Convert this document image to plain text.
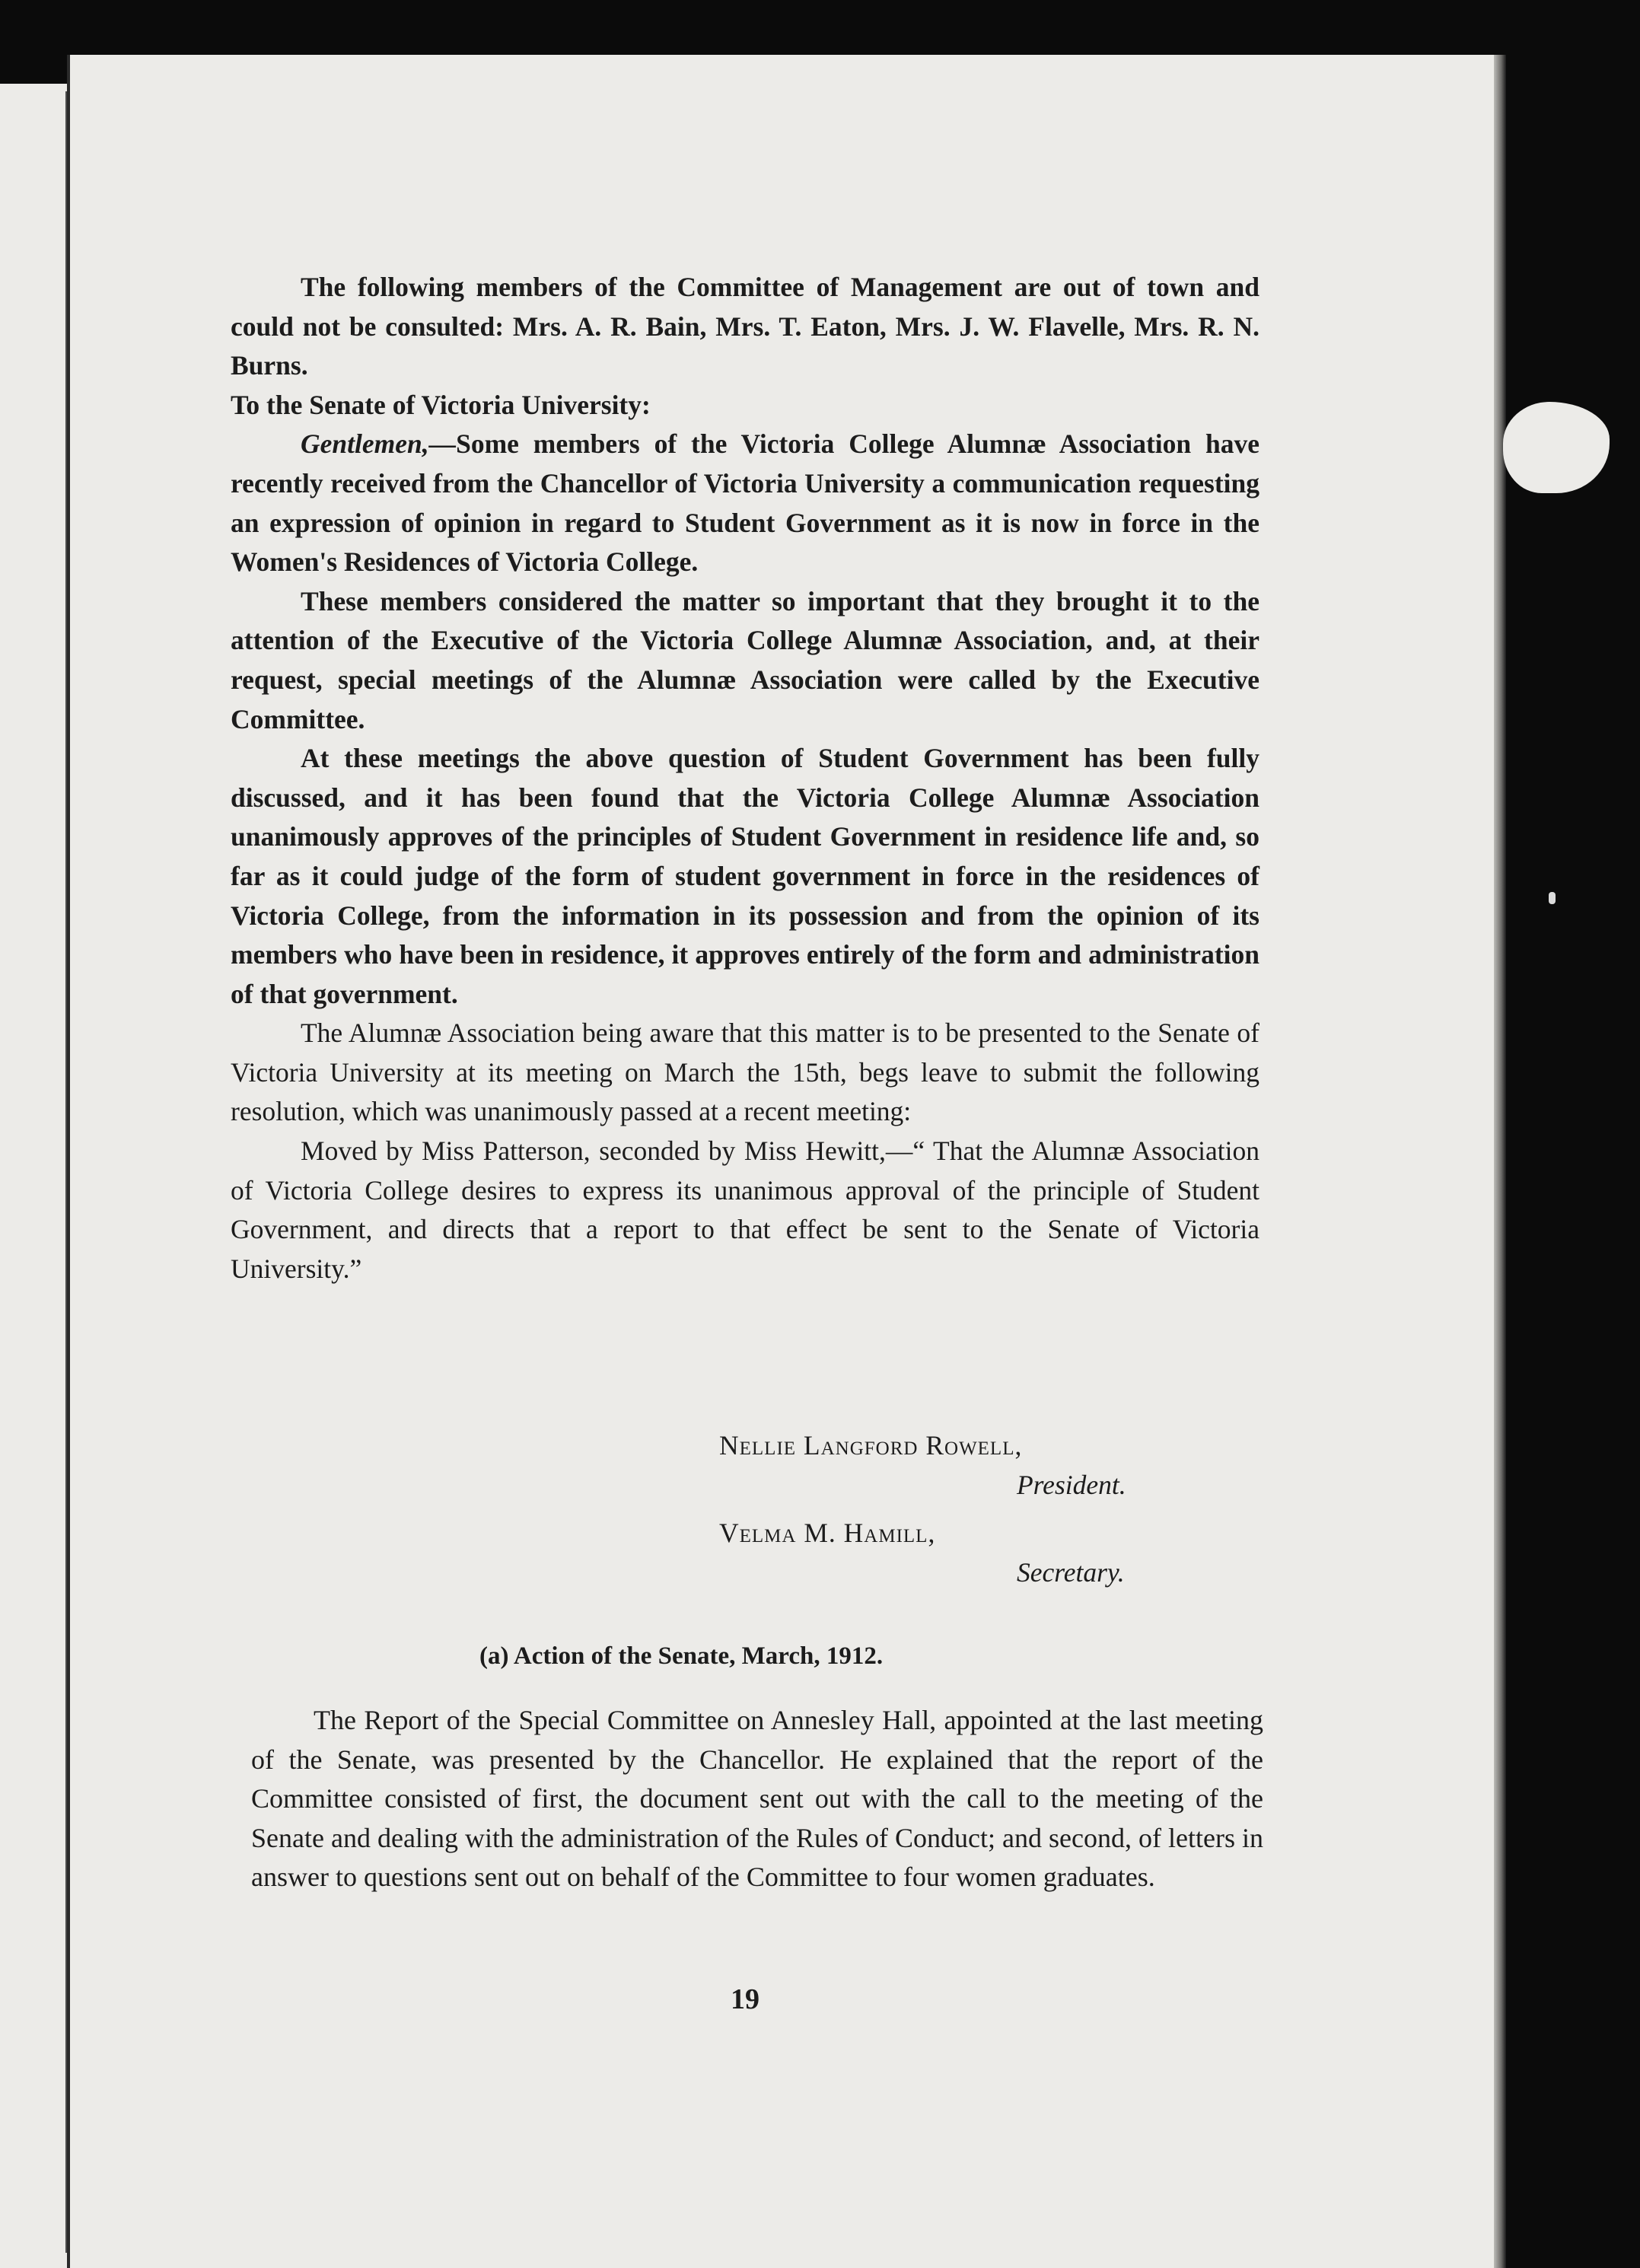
The following members of the Committee of Management are out of town and could not be consulted: Mrs. A. R. Bain, Mrs. T. Eaton, Mrs. J. W. Flavelle, Mrs. R. N. Burns.

To the Senate of Victoria University:

Gentlemen,—Some members of the Victoria College Alumnæ Association have recently received from the Chancellor of Victoria University a communication requesting an expression of opinion in regard to Student Government as it is now in force in the Women's Residences of Victoria College.

These members considered the matter so important that they brought it to the attention of the Executive of the Victoria College Alumnæ Association, and, at their request, special meetings of the Alumnæ Association were called by the Executive Committee.

At these meetings the above question of Student Government has been fully discussed, and it has been found that the Victoria College Alumnæ Association unanimously approves of the principles of Student Government in residence life and, so far as it could judge of the form of student government in force in the residences of Victoria College, from the information in its possession and from the opinion of its members who have been in residence, it approves entirely of the form and administration of that government.

The Alumnæ Association being aware that this matter is to be presented to the Senate of Victoria University at its meeting on March the 15th, begs leave to submit the following resolution, which was unanimously passed at a recent meeting:

Moved by Miss Patterson, seconded by Miss Hewitt,—“ That the Alumnæ Association of Victoria College desires to express its unanimous approval of the principle of Student Government, and directs that a report to that effect be sent to the Senate of Victoria University.”

Nellie Langford Rowell,
President.
Velma M. Hamill,
Secretary.
(a) Action of the Senate, March, 1912.

The Report of the Special Committee on Annesley Hall, appointed at the last meeting of the Senate, was presented by the Chancellor. He explained that the report of the Committee consisted of first, the document sent out with the call to the meeting of the Senate and dealing with the administration of the Rules of Conduct; and second, of letters in answer to questions sent out on behalf of the Committee to four women graduates.

19
